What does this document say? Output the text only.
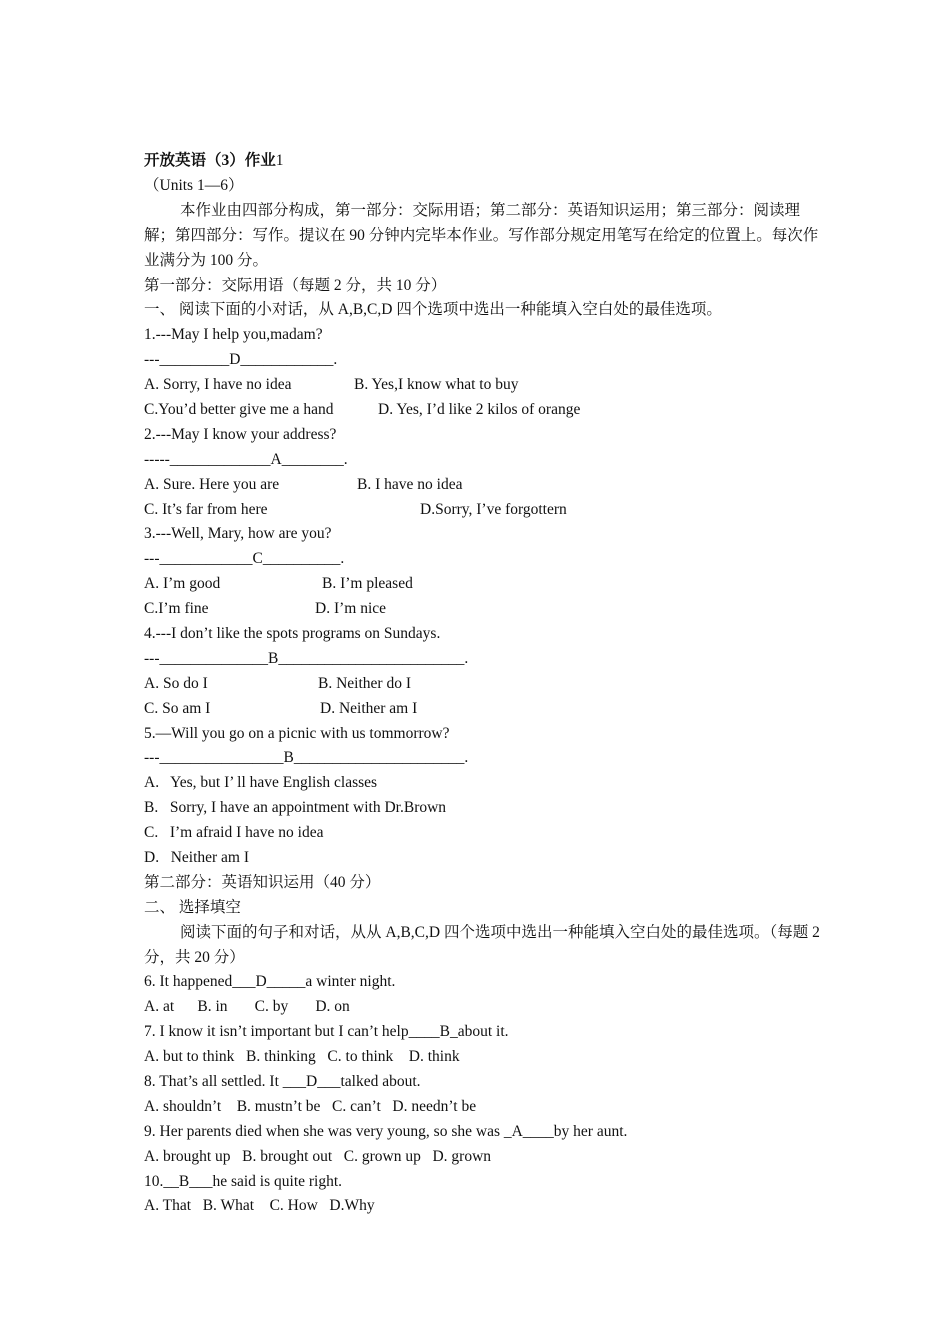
开放英语（3）作业1
（Units 1—6）
本作业由四部分构成，第一部分：交际用语；第二部分：英语知识运用；第三部分：阅读理解；第四部分：写作。提议在 90 分钟内完毕本作业。写作部分规定用笔写在给定的位置上。每次作业满分为 100 分。
第一部分：交际用语（每题 2 分，共 10 分）
一、 阅读下面的小对话，从 A,B,C,D 四个选项中选出一种能填入空白处的最佳选项。
1.---May I help you,madam?
---_________D____________.

A. Sorry, I have no idea

	B. Yes,I know what to buy

C.You’d better give me a hand

	D. Yes, I’d like 2 kilos of orange

2.---May I know your address?
-----_____________A________.

A. Sure. Here you are

	B. I have no idea

C. It’s far from here

	D.Sorry, I’ve forgottern

3.---Well, Mary, how are you?
---____________C__________.

A. I’m good

	B. I’m pleased

C.I’m fine

	D. I’m nice

4.---I don’t like the spots programs on Sundays.
---______________B________________________.

A. So do I

	B. Neither do I

C. So am I

	D. Neither am I

5.—Will you go on a picnic with us tommorrow?
---________________B______________________.
A.   Yes, but I’ ll have English classes
B.   Sorry, I have an appointment with Dr.Brown
C.   I’m afraid I have no idea
D.   Neither am I
第二部分：英语知识运用（40 分）
二、 选择填空
阅读下面的句子和对话，从从 A,B,C,D 四个选项中选出一种能填入空白处的最佳选项。（每题 2 分，共 20 分）
6. It happened___D_____a winter night.
A. at      B. in       C. by       D. on
7. I know it isn’t important but I can’t help____B_about it.
A. but to think   B. thinking   C. to think    D. think
8. That’s all settled. It ___D___talked about.
A. shouldn’t    B. mustn’t be   C. can’t   D. needn’t be
9. Her parents died when she was very young, so she was _A____by her aunt.
A. brought up   B. brought out   C. grown up   D. grown
10.__B___he said is quite right.
A. That   B. What    C. How   D.Why
